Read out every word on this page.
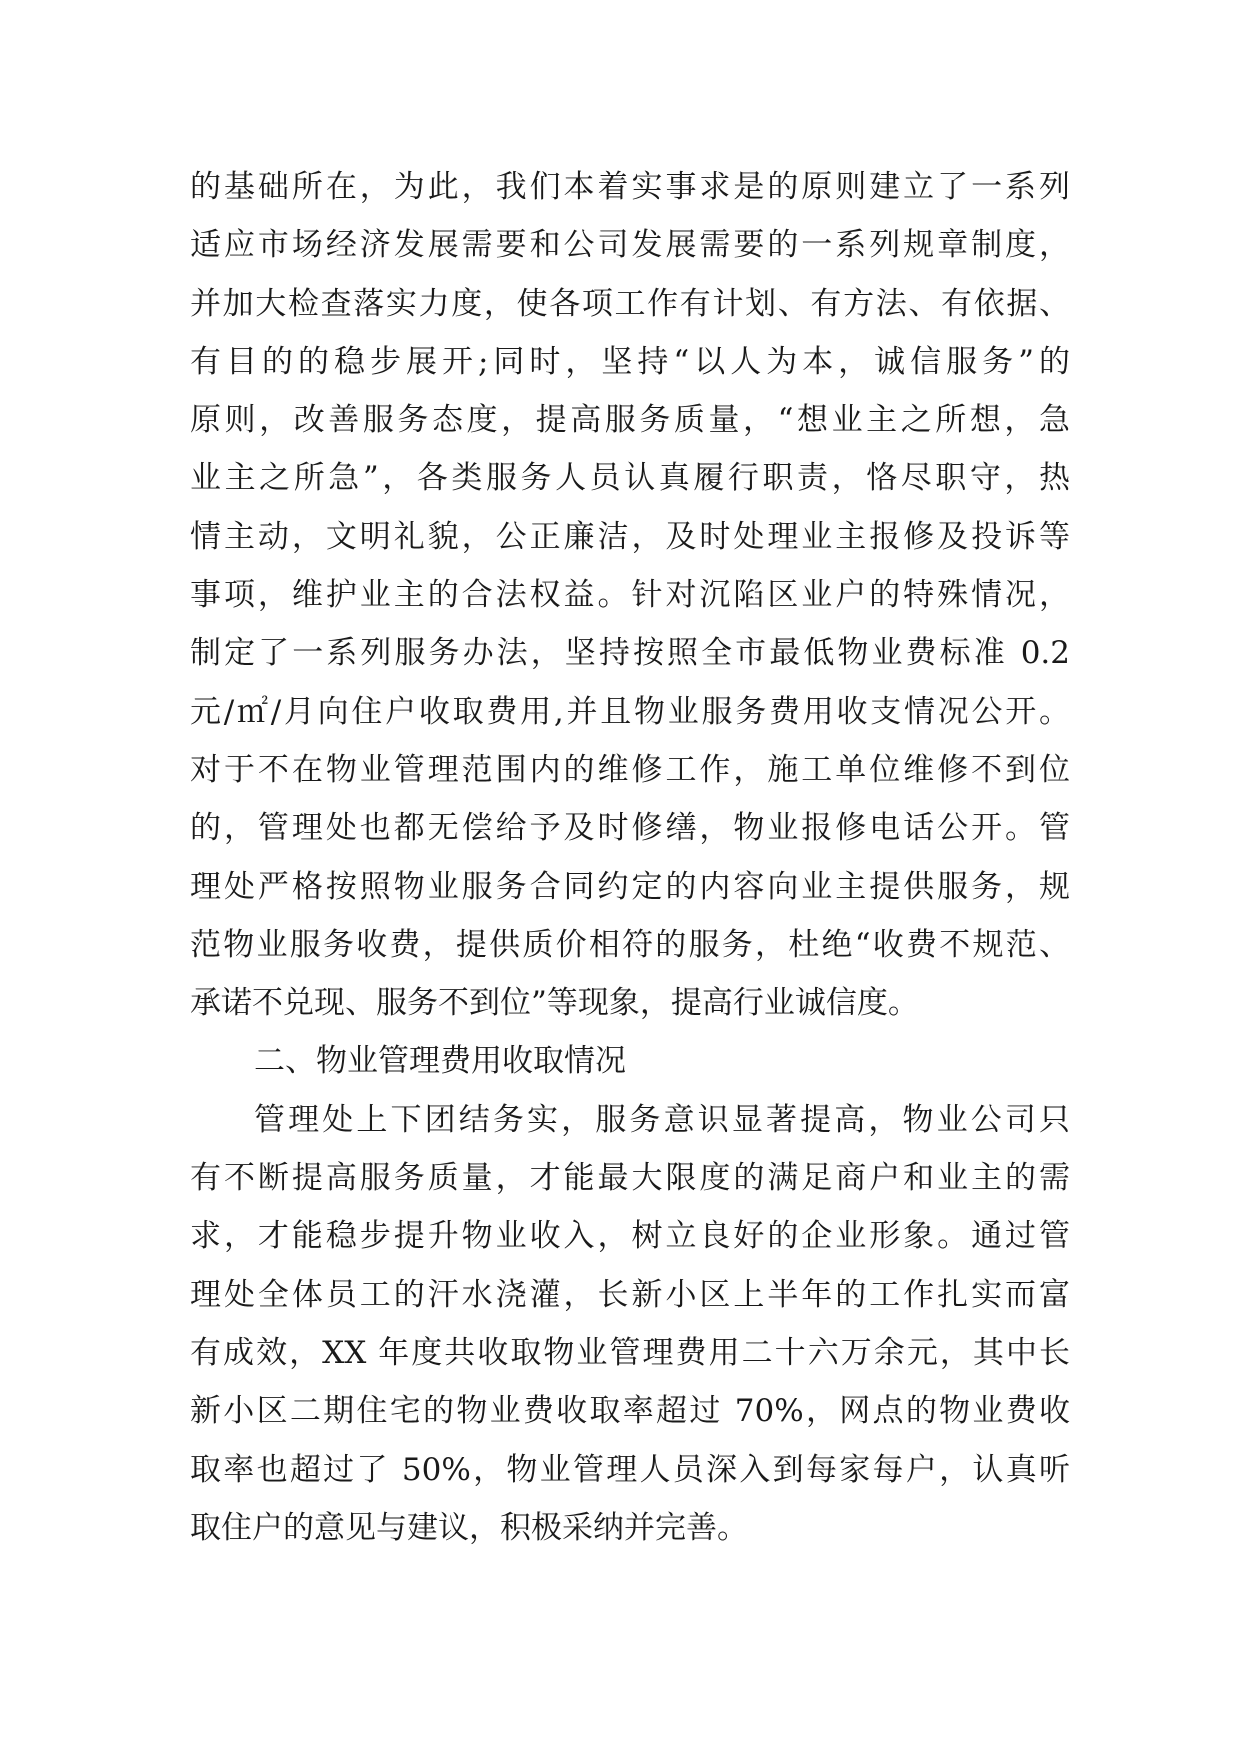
的基础所在，为此，我们本着实事求是的原则建立了一系列
适应市场经济发展需要和公司发展需要的一系列规章制度，
并加大检查落实力度，使各项工作有计划、有方法、有依据、
有目的的稳步展开;同时，坚持“以人为本，诚信服务”的
原则，改善服务态度，提高服务质量，“想业主之所想，急
业主之所急”，各类服务人员认真履行职责，恪尽职守，热
情主动，文明礼貌，公正廉洁，及时处理业主报修及投诉等
事项，维护业主的合法权益。针对沉陷区业户的特殊情况，
制定了一系列服务办法，坚持按照全市最低物业费标准 0.2
元/㎡/月向住户收取费用,并且物业服务费用收支情况公开。
对于不在物业管理范围内的维修工作，施工单位维修不到位
的，管理处也都无偿给予及时修缮，物业报修电话公开。管
理处严格按照物业服务合同约定的内容向业主提供服务，规
范物业服务收费，提供质价相符的服务，杜绝“收费不规范、
承诺不兑现、服务不到位”等现象，提高行业诚信度。
二、物业管理费用收取情况
管理处上下团结务实，服务意识显著提高，物业公司只
有不断提高服务质量，才能最大限度的满足商户和业主的需
求，才能稳步提升物业收入，树立良好的企业形象。通过管
理处全体员工的汗水浇灌，长新小区上半年的工作扎实而富
有成效，XX 年度共收取物业管理费用二十六万余元，其中长
新小区二期住宅的物业费收取率超过 70%，网点的物业费收
取率也超过了 50%，物业管理人员深入到每家每户，认真听
取住户的意见与建议，积极采纳并完善。
